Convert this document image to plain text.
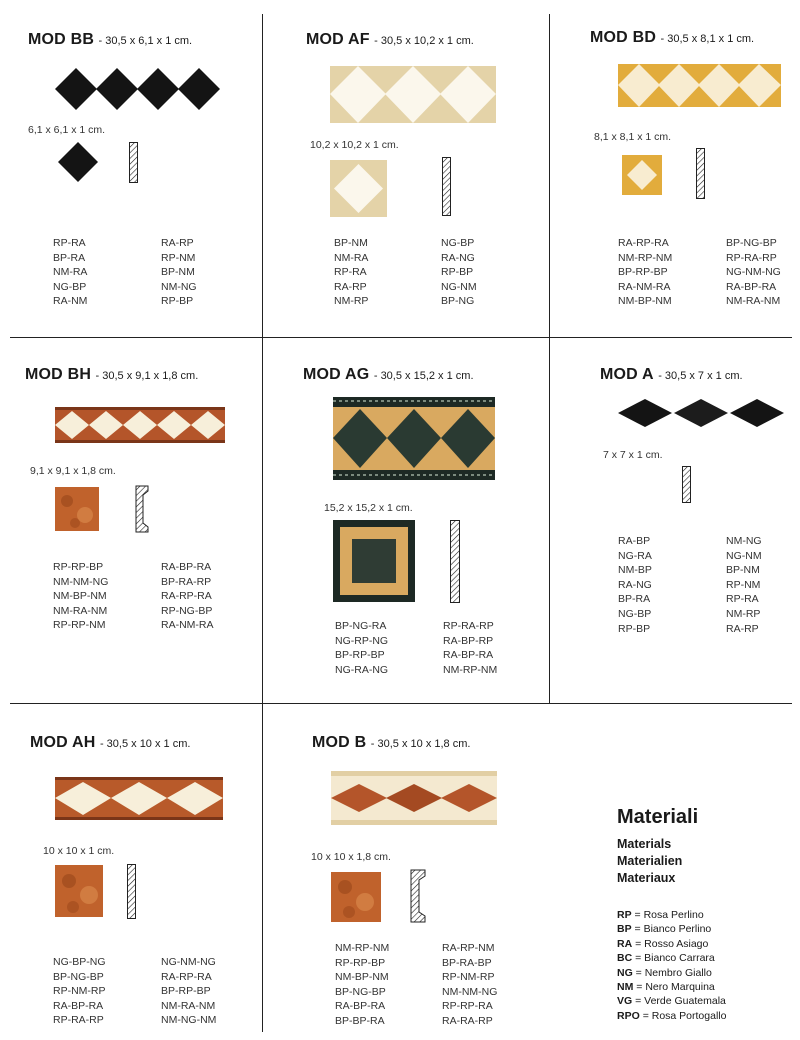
MOD BB - 30,5 x 6,1 x 1 cm.
6,1 x 6,1 x 1 cm.
RP-RA
BP-RA
NM-RA
NG-BP
RA-NM
RA-RP
RP-NM
BP-NM
NM-NG
RP-BP
MOD AF - 30,5 x 10,2 x 1 cm.
10,2 x 10,2 x 1 cm.
BP-NM
NM-RA
RP-RA
RA-RP
NM-RP
NG-BP
RA-NG
RP-BP
NG-NM
BP-NG
MOD BD - 30,5 x 8,1 x 1 cm.
8,1 x 8,1 x 1 cm.
RA-RP-RA
NM-RP-NM
BP-RP-BP
RA-NM-RA
NM-BP-NM
BP-NG-BP
RP-RA-RP
NG-NM-NG
RA-BP-RA
NM-RA-NM
MOD BH - 30,5 x 9,1 x 1,8 cm.
9,1 x 9,1 x 1,8 cm.
RP-RP-BP
NM-NM-NG
NM-BP-NM
NM-RA-NM
RP-RP-NM
RA-BP-RA
BP-RA-RP
RA-RP-RA
RP-NG-BP
RA-NM-RA
MOD AG - 30,5 x 15,2 x 1 cm.
15,2 x 15,2 x 1 cm.
BP-NG-RA
NG-RP-NG
BP-RP-BP
NG-RA-NG
RP-RA-RP
RA-BP-RP
RA-BP-RA
NM-RP-NM
MOD A - 30,5 x 7 x 1 cm.
7 x 7 x 1 cm.
RA-BP
NG-RA
NM-BP
RA-NG
BP-RA
NG-BP
RP-BP
NM-NG
NG-NM
BP-NM
RP-NM
RP-RA
NM-RP
RA-RP
MOD AH - 30,5 x 10 x 1 cm.
10 x 10 x 1 cm.
NG-BP-NG
BP-NG-BP
RP-NM-RP
RA-BP-RA
RP-RA-RP
NG-NM-NG
RA-RP-RA
BP-RP-BP
NM-RA-NM
NM-NG-NM
MOD B - 30,5 x 10 x 1,8 cm.
10 x 10 x 1,8 cm.
NM-RP-NM
RP-RP-BP
NM-BP-NM
BP-NG-BP
RA-BP-RA
BP-BP-RA
RA-RP-NM
BP-RA-BP
RP-NM-RP
NM-NM-NG
RP-RP-RA
RA-RA-RP
Materiali
Materials
Materialien
Materiaux
RP = Rosa Perlino
BP = Bianco Perlino
RA = Rosso Asiago
BC = Bianco Carrara
NG = Nembro Giallo
NM = Nero Marquina
VG = Verde Guatemala
RPO = Rosa Portogallo
